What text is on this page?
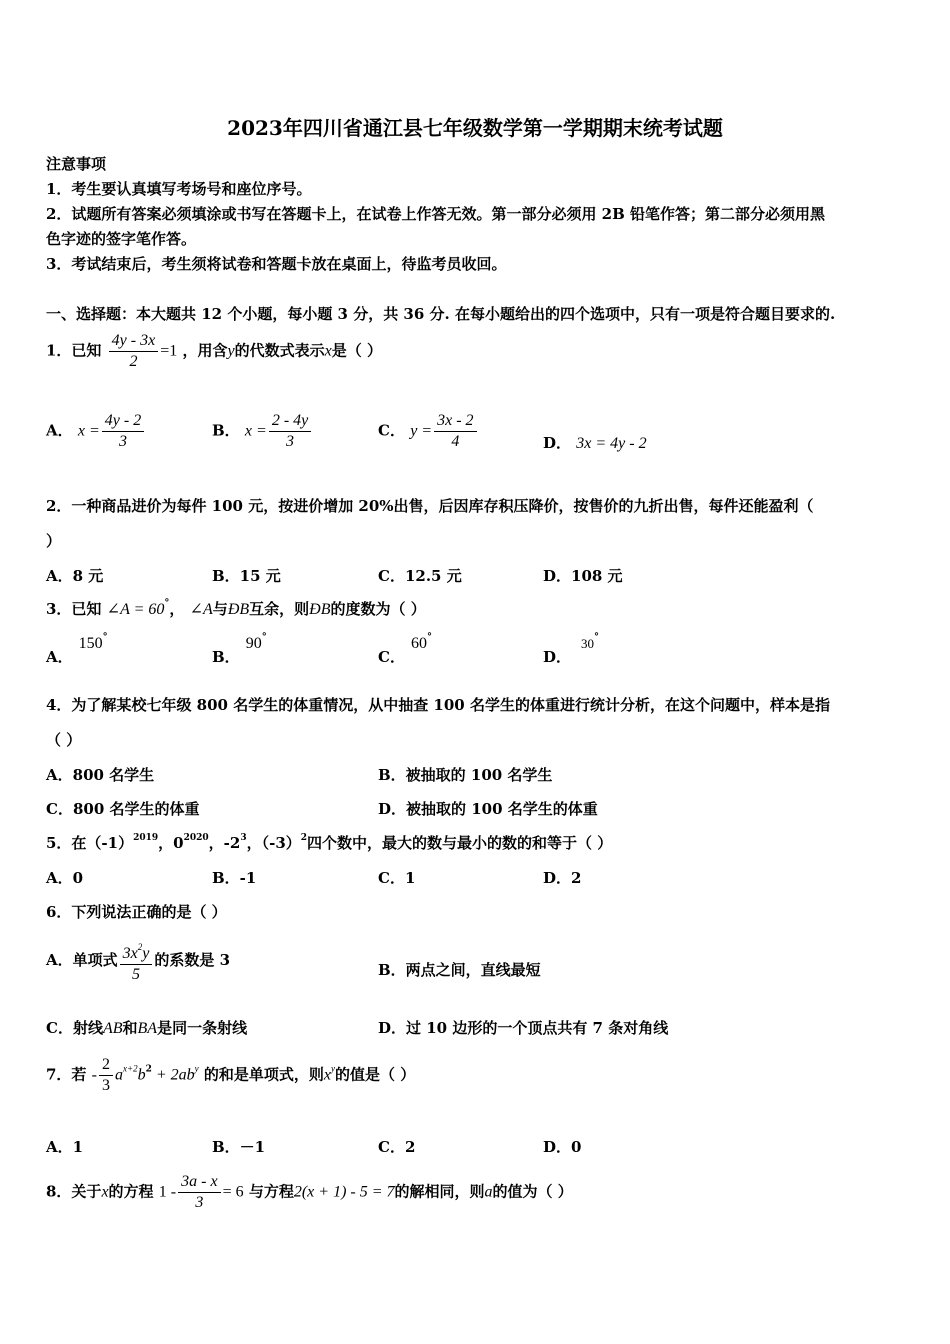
2023年四川省通江县七年级数学第一学期期末统考试题
注意事项
1．考生要认真填写考场号和座位序号。
2．试题所有答案必须填涂或书写在答题卡上，在试卷上作答无效。第一部分必须用 2B 铅笔作答；第二部分必须用黑
色字迹的签字笔作答。
3．考试结束后，考生须将试卷和答题卡放在桌面上，待监考员收回。
一、选择题：本大题共 12 个小题，每小题 3 分，共 36 分. 在每小题给出的四个选项中，只有一项是符合题目要求的.
1．已知 $\frac{4y - 3x}{2} =1$ ，用含y的代数式表示x是（ ）
A． $x = \frac{4y - 2}{3}$	B． $x = \frac{2 - 4y}{3}$	C． $y = \frac{3x - 2}{4}$	D． 3x = 4y - 2
2．一种商品进价为每件 100 元，按进价增加 20%出售，后因库存积压降价，按售价的九折出售，每件还能盈利（
）
A．8 元	B．15 元	C．12.5 元	D．108 元
3．已知 ∠A = 60°， ∠A与ÐB互余，则ÐB的度数为（ ）
A．150°
B．90°
C．60°
D．30°
4．为了解某校七年级 800 名学生的体重情况，从中抽查 100 名学生的体重进行统计分析，在这个问题中，样本是指
（ ）
A．800 名学生	B．被抽取的 100 名学生
C．800 名学生的体重	D．被抽取的 100 名学生的体重
5．在$(-1)^{2019}$，$0^{2020}$，$-2^3$，$(-3)^2$四个数中，最大的数与最小的数的和等于（ ）
A．0	B．-1	C．1	D．2
6．下列说法正确的是（ ）
A．单项式 $\frac{3x^2y}{5}$ 的系数是 3
B．两点之间，直线最短
C．射线AB和BA是同一条射线	D．过 10 边形的一个顶点共有 7 条对角线
7．若 - $\frac{2}{3} a^{x+2}b^2 + 2ab^y$ 的和是单项式，则$x^y$的值是（ ）
A．1	B．－1	C．2	D．0
8．关于x的方程 $1 - \frac{3a - x}{3} = 6$ 与方程2(x + 1) - 5 = 7的解相同，则a的值为（ ）
